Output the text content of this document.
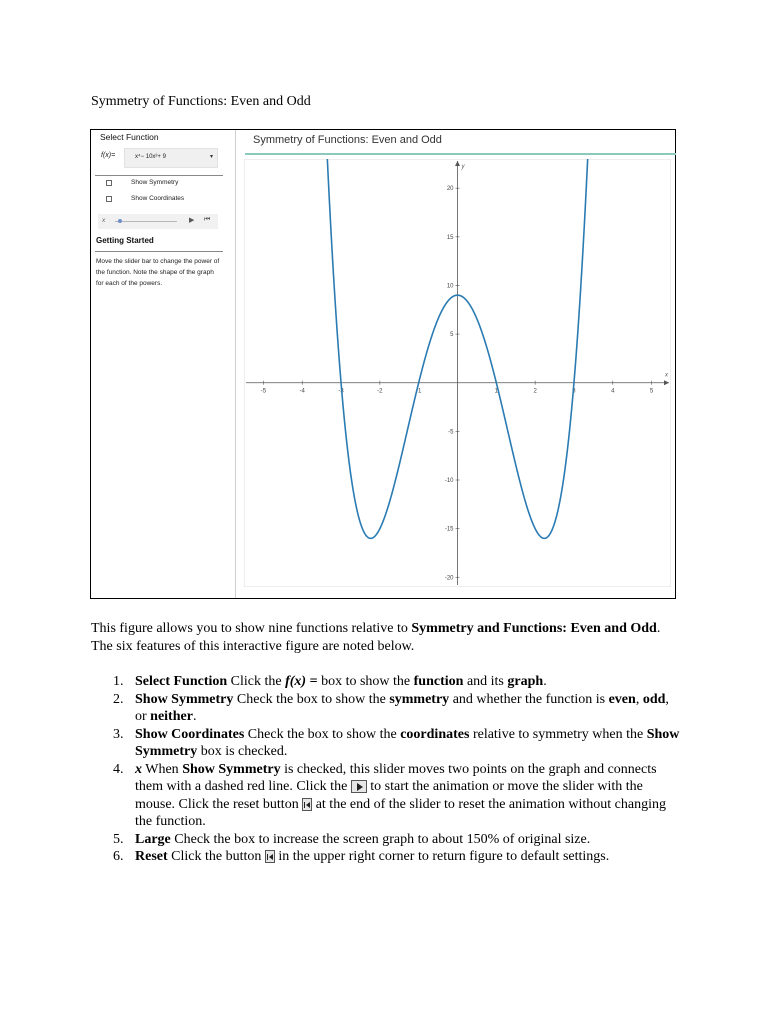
Symmetry of Functions: Even and Odd
Select Function
f(x)=	x⁴− 10x²+ 9	▾
Show Symmetry
Show Coordinates
x	▶ ⏮
Getting Started
Move the slider bar to change the power of the function. Note the shape of the graph for each of the powers.
Symmetry of Functions: Even and Odd
x
y
-5	-4	-3	-2	-1	1	2	3	4	5
20
15
10
5
-5
-10
-15
-20
This figure allows you to show nine functions relative to Symmetry and Functions: Even and Odd. The six features of this interactive figure are noted below.
1. Select Function Click the f(x) = box to show the function and its graph.
2. Show Symmetry Check the box to show the symmetry and whether the function is even, odd, or neither.
3. Show Coordinates Check the box to show the coordinates relative to symmetry when the Show Symmetry box is checked.
4. x When Show Symmetry is checked, this slider moves two points on the graph and connects them with a dashed red line. Click the  to start the animation or move the slider with the mouse. Click the reset button  at the end of the slider to reset the animation without changing the function.
5. Large Check the box to increase the screen graph to about 150% of original size.
6. Reset Click the button  in the upper right corner to return figure to default settings.
